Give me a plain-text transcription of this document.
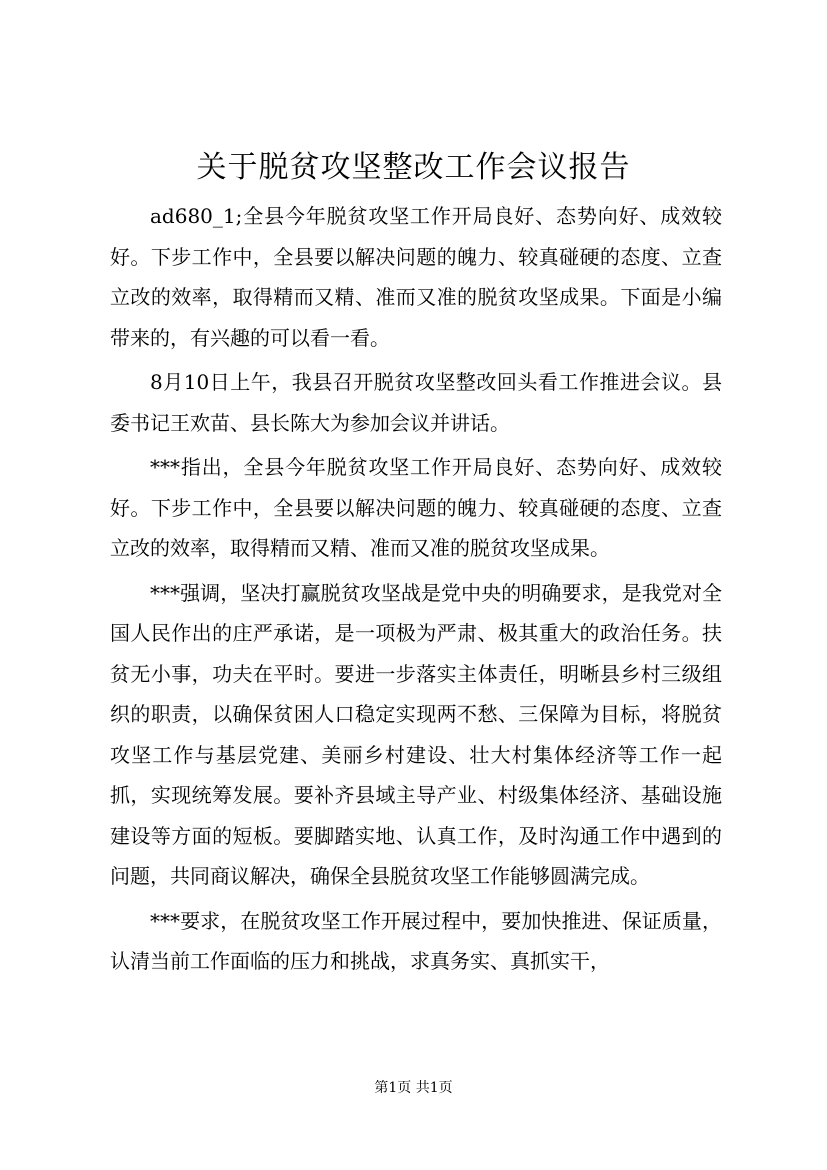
关于脱贫攻坚整改工作会议报告

ad680_1;全县今年脱贫攻坚工作开局良好、态势向好、成效较好。下步工作中，全县要以解决问题的魄力、较真碰硬的态度、立查立改的效率，取得精而又精、准而又准的脱贫攻坚成果。下面是小编带来的，有兴趣的可以看一看。

8月10日上午，我县召开脱贫攻坚整改回头看工作推进会议。县委书记王欢苗、县长陈大为参加会议并讲话。

***指出，全县今年脱贫攻坚工作开局良好、态势向好、成效较好。下步工作中，全县要以解决问题的魄力、较真碰硬的态度、立查立改的效率，取得精而又精、准而又准的脱贫攻坚成果。

***强调，坚决打赢脱贫攻坚战是党中央的明确要求，是我党对全国人民作出的庄严承诺，是一项极为严肃、极其重大的政治任务。扶贫无小事，功夫在平时。要进一步落实主体责任，明晰县乡村三级组织的职责，以确保贫困人口稳定实现两不愁、三保障为目标，将脱贫攻坚工作与基层党建、美丽乡村建设、壮大村集体经济等工作一起抓，实现统筹发展。要补齐县域主导产业、村级集体经济、基础设施建设等方面的短板。要脚踏实地、认真工作，及时沟通工作中遇到的问题，共同商议解决，确保全县脱贫攻坚工作能够圆满完成。

***要求，在脱贫攻坚工作开展过程中，要加快推进、保证质量，认清当前工作面临的压力和挑战，求真务实、真抓实干，

第1页 共1页
